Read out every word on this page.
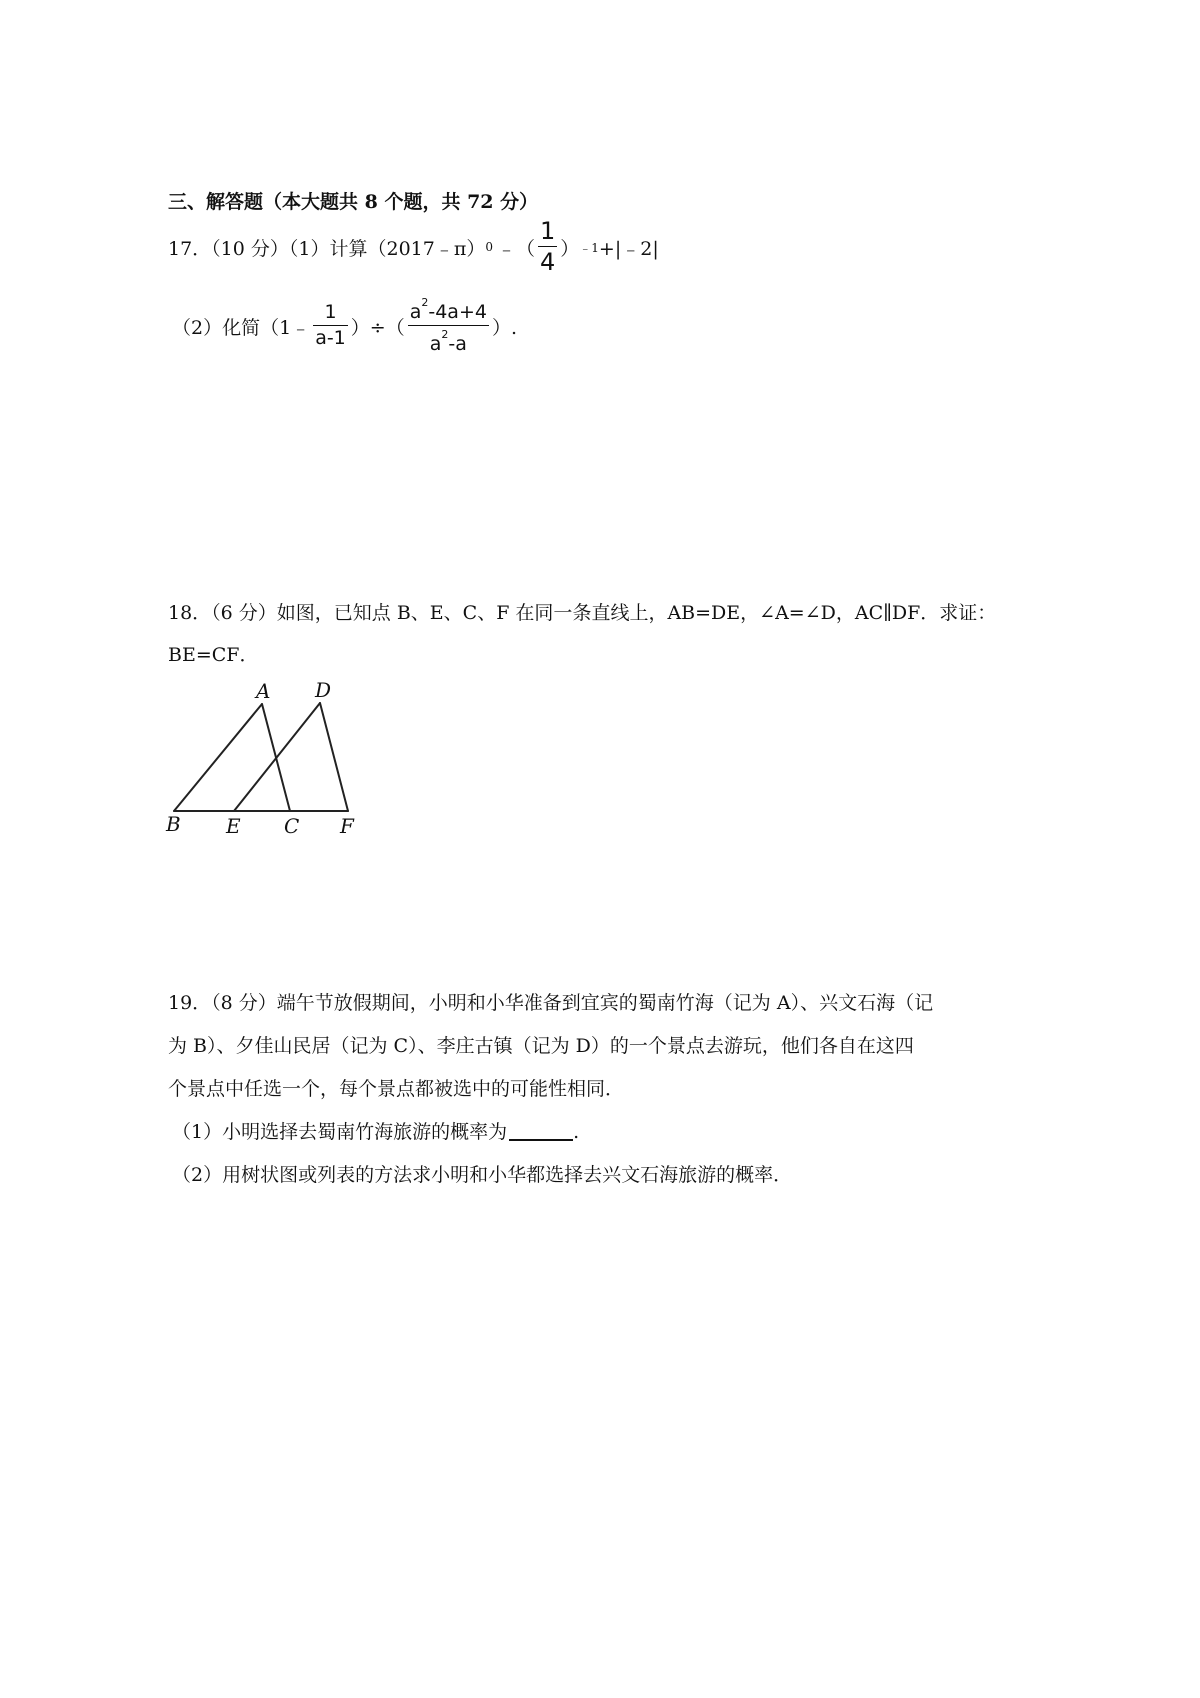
三、解答题（本大题共 8 个题，共 72 分）
17．（10 分）（1）计算（2017﹣π） 0 ﹣（ $\frac{1}{4}$ ） ﹣1 +|﹣2|
（2）化简（1﹣ $\frac{1}{a-1}$ ）÷（ $\frac{a^2-4a+4}{a^2-a}$ ）.
18．（6 分）如图，已知点 B、E、C、F 在同一条直线上，AB=DE，∠A=∠D，AC∥DF．求证：
BE=CF．
A D
B E C F
19．（8 分）端午节放假期间，小明和小华准备到宜宾的蜀南竹海（记为 A）、兴文石海（记
为 B）、夕佳山民居（记为 C）、李庄古镇（记为 D）的一个景点去游玩，他们各自在这四
个景点中任选一个，每个景点都被选中的可能性相同．
（1）小明选择去蜀南竹海旅游的概率为	.
（2）用树状图或列表的方法求小明和小华都选择去兴文石海旅游的概率．
